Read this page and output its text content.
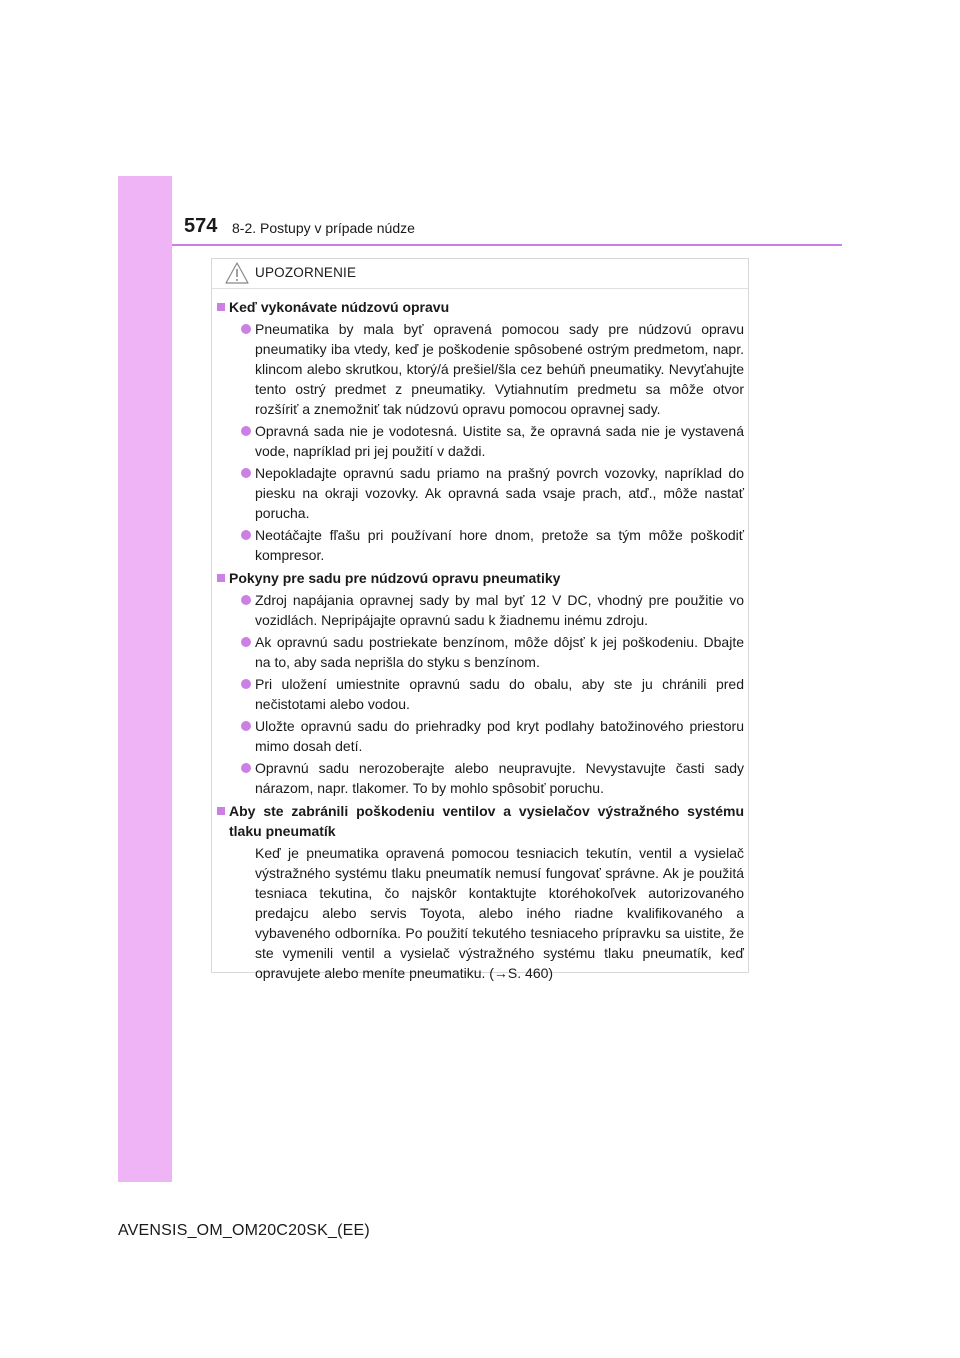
574 8-2. Postupy v prípade núdze
UPOZORNENIE
Keď vykonávate núdzovú opravu
Pneumatika by mala byť opravená pomocou sady pre núdzovú opravu pneumatiky iba vtedy, keď je poškodenie spôsobené ostrým predmetom, napr. klincom alebo skrutkou, ktorý/á prešiel/šla cez behúň pneumatiky. Nevyťahujte tento ostrý predmet z pneumatiky. Vytiahnutím predmetu sa môže otvor rozšíriť a znemožniť tak núdzovú opravu pomocou opravnej sady.
Opravná sada nie je vodotesná. Uistite sa, že opravná sada nie je vystavená vode, napríklad pri jej použití v daždi.
Nepokladajte opravnú sadu priamo na prašný povrch vozovky, napríklad do piesku na okraji vozovky. Ak opravná sada vsaje prach, atď., môže nastať porucha.
Neotáčajte fľašu pri používaní hore dnom, pretože sa tým môže poškodiť kompresor.
Pokyny pre sadu pre núdzovú opravu pneumatiky
Zdroj napájania opravnej sady by mal byť 12 V DC, vhodný pre použitie vo vozidlách. Nepripájajte opravnú sadu k žiadnemu inému zdroju.
Ak opravnú sadu postriekate benzínom, môže dôjsť k jej poškodeniu. Dbajte na to, aby sada neprišla do styku s benzínom.
Pri uložení umiestnite opravnú sadu do obalu, aby ste ju chránili pred nečistotami alebo vodou.
Uložte opravnú sadu do priehradky pod kryt podlahy batožinového priestoru mimo dosah detí.
Opravnú sadu nerozoberajte alebo neupravujte. Nevystavujte časti sady nárazom, napr. tlakomer. To by mohlo spôsobiť poruchu.
Aby ste zabránili poškodeniu ventilov a vysielačov výstražného systému tlaku pneumatík
Keď je pneumatika opravená pomocou tesniacich tekutín, ventil a vysielač výstražného systému tlaku pneumatík nemusí fungovať správne. Ak je použitá tesniaca tekutina, čo najskôr kontaktujte ktoréhokoľvek autorizovaného predajcu alebo servis Toyota, alebo iného riadne kvalifikovaného a vybaveného odborníka. Po použití tekutého tesniaceho prípravku sa uistite, že ste vymenili ventil a vysielač výstražného systému tlaku pneumatík, keď opravujete alebo meníte pneumatiku. (→S. 460)
AVENSIS_OM_OM20C20SK_(EE)
